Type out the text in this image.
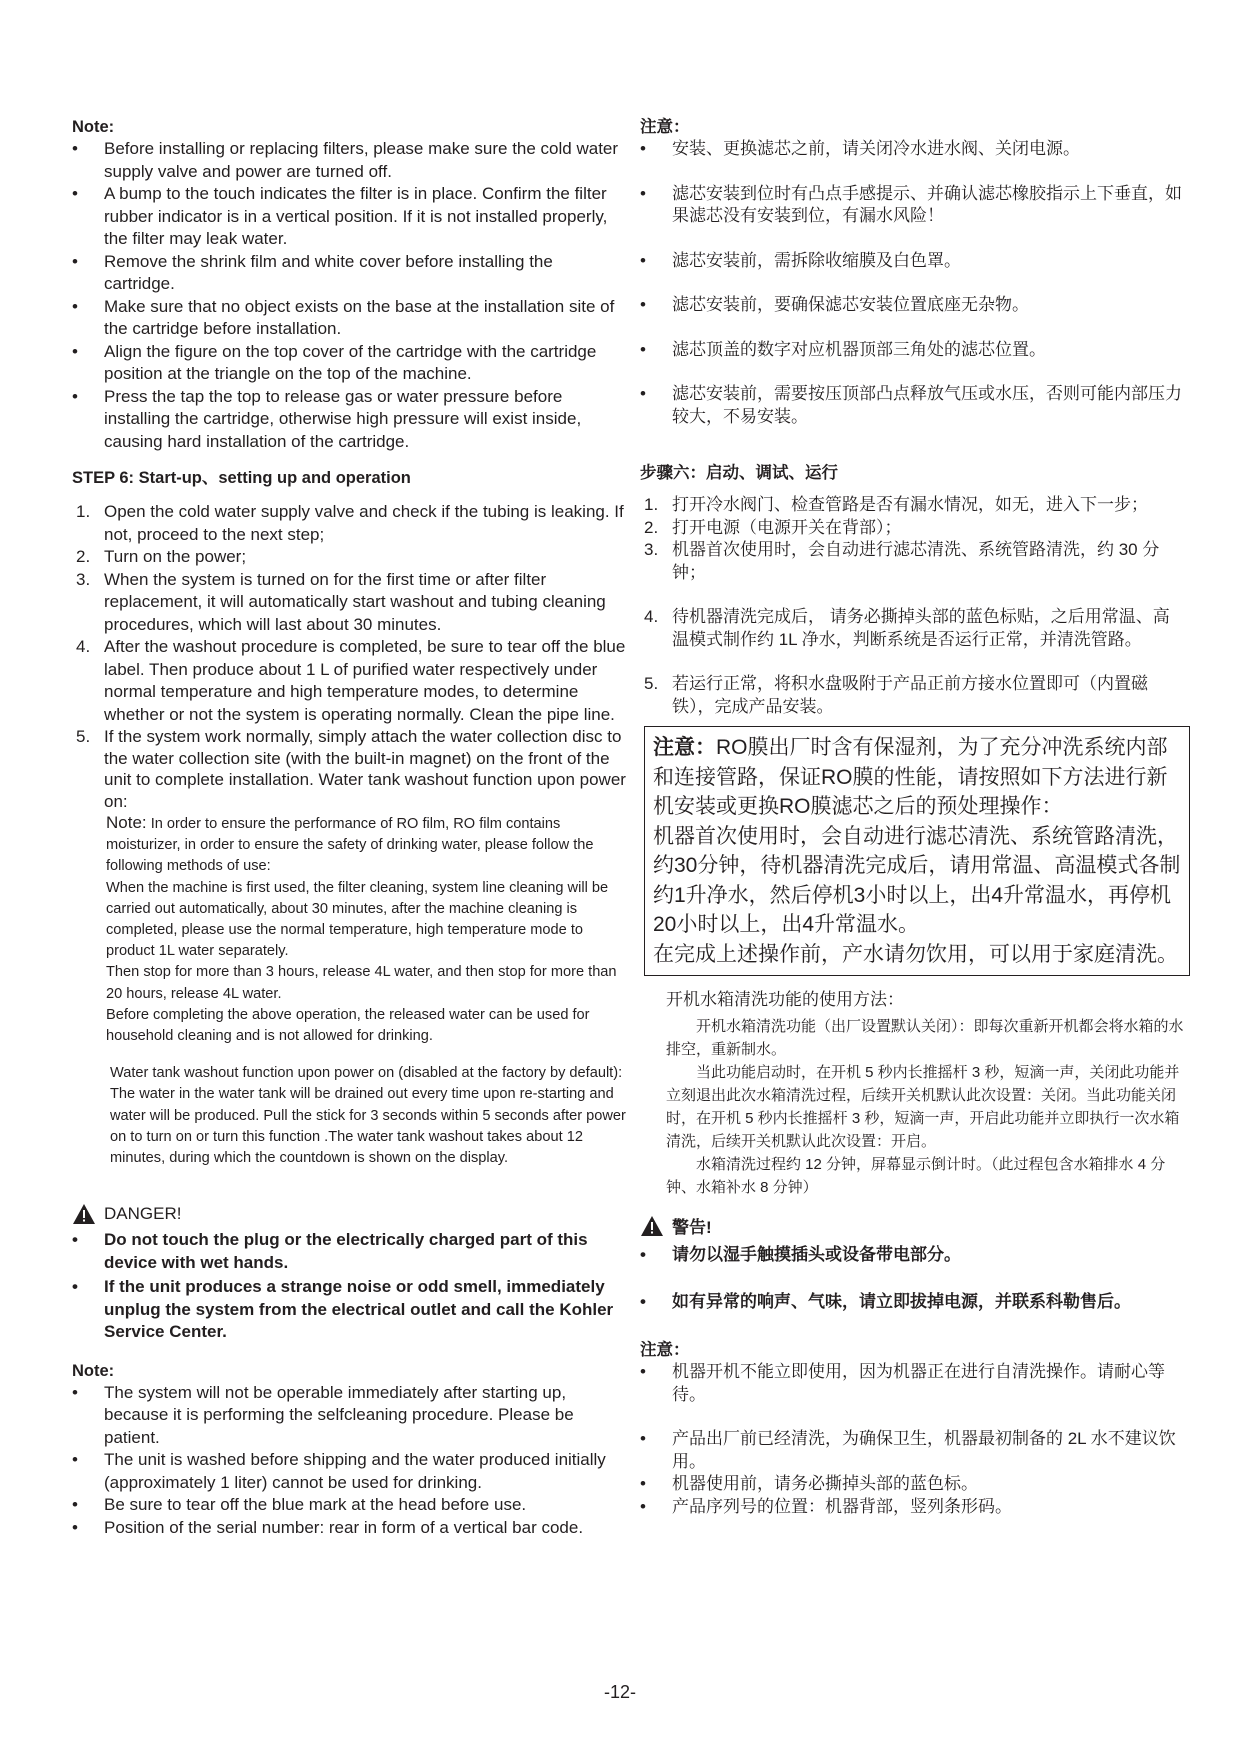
Note:
• Before installing or replacing filters, please make sure the cold water supply valve and power are turned off.
• A bump to the touch indicates the filter is in place. Confirm the filter rubber indicator is in a vertical position. If it is not installed properly, the filter may leak water.
• Remove the shrink film and white cover before installing the cartridge.
• Make sure that no object exists on the base at the installation site of the cartridge before installation.
• Align the figure on the top cover of the cartridge with the cartridge position at the triangle on the top of the machine.
• Press the tap the top to release gas or water pressure before installing the cartridge, otherwise high pressure will exist inside, causing hard installation of the cartridge.
STEP 6: Start-up、setting up and operation
1. Open the cold water supply valve and check if the tubing is leaking. If not, proceed to the next step;
2. Turn on the power;
3. When the system is turned on for the first time or after filter replacement, it will automatically start washout and tubing cleaning procedures, which will last about 30 minutes.
4. After the washout procedure is completed, be sure to tear off the blue label. Then produce about 1 L of purified water respectively under normal temperature and high temperature modes, to determine whether or not the system is operating normally. Clean the pipe line.
5. If the system work normally, simply attach the water collection disc to the water collection site (with the built-in magnet) on the front of the unit to complete installation. Water tank washout function upon power on:
Note: In order to ensure the performance of RO film, RO film contains moisturizer, in order to ensure the safety of drinking water, please follow the following methods of use:
When the machine is first used, the filter cleaning, system line cleaning will be carried out automatically, about 30 minutes, after the machine cleaning is completed, please use the normal temperature, high temperature mode to product 1L water separately.
Then stop for more than 3 hours, release 4L water, and then stop for more than 20 hours, release 4L water.
Before completing the above operation, the released water can be used for household cleaning and is not allowed for drinking.
Water tank washout function upon power on (disabled at the factory by default): The water in the water tank will be drained out every time upon re-starting and water will be produced. Pull the stick for 3 seconds within 5 seconds after power on to turn on or turn this function .The water tank washout takes about 12 minutes, during which the countdown is shown on the display.
DANGER!
• Do not touch the plug or the electrically charged part of this device with wet hands.
• If the unit produces a strange noise or odd smell, immediately unplug the system from the electrical outlet and call the Kohler Service Center.
Note:
• The system will not be operable immediately after starting up, because it is performing the selfcleaning procedure. Please be patient.
• The unit is washed before shipping and the water produced initially (approximately 1 liter) cannot be used for drinking.
• Be sure to tear off the blue mark at the head before use.
• Position of the serial number: rear in form of a vertical bar code.
注意：
• 安装、更换滤芯之前，请关闭冷水进水阀、关闭电源。
• 滤芯安装到位时有凸点手感提示、并确认滤芯橡胶指示上下垂直，如果滤芯没有安装到位，有漏水风险！
• 滤芯安装前，需拆除收缩膜及白色罩。
• 滤芯安装前，要确保滤芯安装位置底座无杂物。
• 滤芯顶盖的数字对应机器顶部三角处的滤芯位置。
• 滤芯安装前，需要按压顶部凸点释放气压或水压，否则可能内部压力较大，不易安装。
步骤六：启动、调试、运行
1. 打开冷水阀门、检查管路是否有漏水情况，如无，进入下一步；
2. 打开电源（电源开关在背部）；
3. 机器首次使用时，会自动进行滤芯清洗、系统管路清洗，约 30 分钟；
4. 待机器清洗完成后， 请务必撕掉头部的蓝色标贴，之后用常温、高温模式制作约 1L 净水，判断系统是否运行正常，并清洗管路。
5. 若运行正常，将积水盘吸附于产品正前方接水位置即可（内置磁铁），完成产品安装。
注意：RO膜出厂时含有保湿剂，为了充分冲洗系统内部和连接管路，保证RO膜的性能，请按照如下方法进行新机安装或更换RO膜滤芯之后的预处理操作：
机器首次使用时，会自动进行滤芯清洗、系统管路清洗，约30分钟，待机器清洗完成后，请用常温、高温模式各制约1升净水，然后停机3小时以上，出4升常温水，再停机20小时以上，出4升常温水。
在完成上述操作前，产水请勿饮用，可以用于家庭清洗。
开机水箱清洗功能的使用方法：
开机水箱清洗功能（出厂设置默认关闭）：即每次重新开机都会将水箱的水排空，重新制水。
当此功能启动时，在开机 5 秒内长推摇杆 3 秒，短滴一声，关闭此功能并立刻退出此次水箱清洗过程，后续开关机默认此次设置：关闭。当此功能关闭时，在开机 5 秒内长推摇杆 3 秒，短滴一声，开启此功能并立即执行一次水箱清洗，后续开关机默认此次设置：开启。
水箱清洗过程约 12 分钟，屏幕显示倒计时。（此过程包含水箱排水 4 分钟、水箱补水 8 分钟）
警告!
• 请勿以湿手触摸插头或设备带电部分。
• 如有异常的响声、气味，请立即拔掉电源，并联系科勒售后。
注意：
• 机器开机不能立即使用，因为机器正在进行自清洗操作。请耐心等待。
• 产品出厂前已经清洗，为确保卫生，机器最初制备的 2L 水不建议饮用。
• 机器使用前，请务必撕掉头部的蓝色标。
• 产品序列号的位置：机器背部，竖列条形码。
-12-
